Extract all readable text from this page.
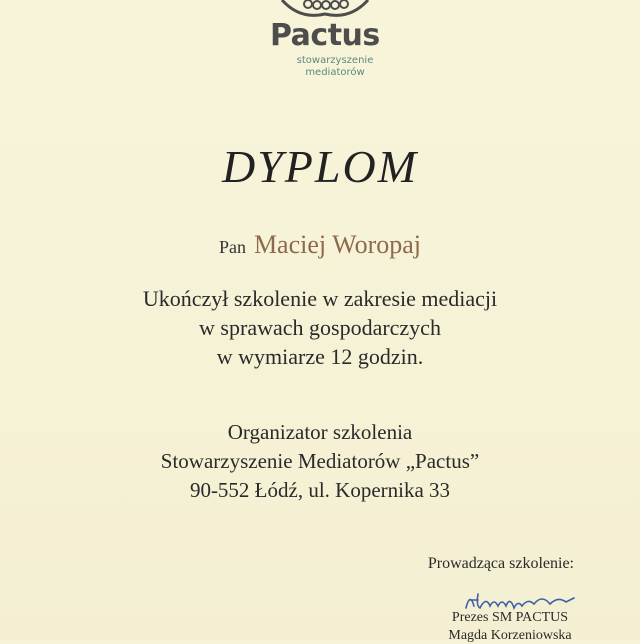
Pactus
stowarzyszenie
mediatorów
DYPLOM
Pan Maciej Woropaj
Ukończył szkolenie w zakresie mediacji
w sprawach gospodarczych
w wymiarze 12 godzin.
Organizator szkolenia
Stowarzyszenie Mediatorów „Pactus”
90-552 Łódź, ul. Kopernika 33
Prowadząca szkolenie:
Prezes SM PACTUS
Magda Korzeniowska
